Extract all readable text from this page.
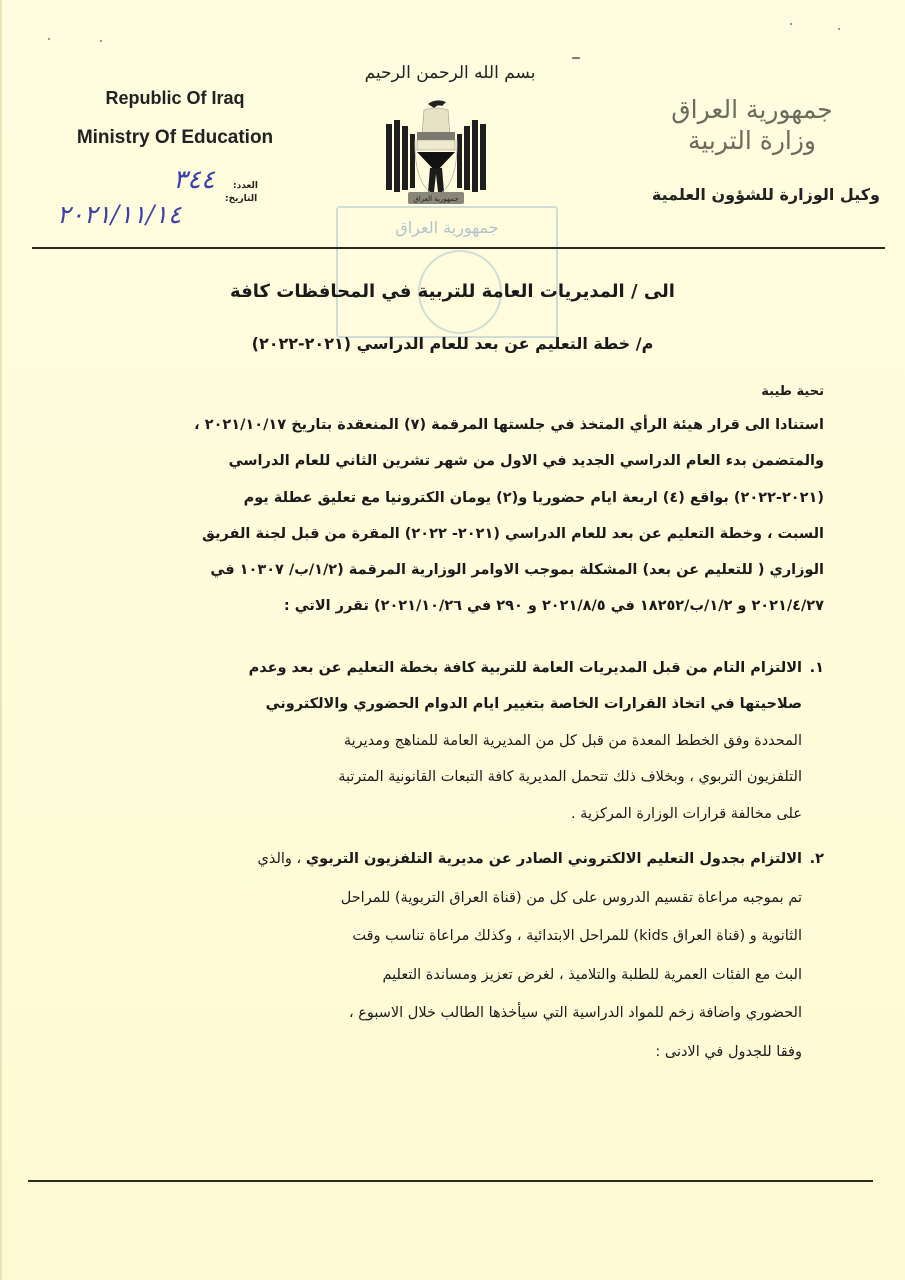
Republic Of Iraq
Ministry Of Education
٣٤٤ العدد:
التاريخ:
٢٠٢١/١١/١٤
بسم الله الرحمن الرحيم
جمهورية العراق
جمهورية العراق
جمهورية العراق
وزارة التربية
وكيل الوزارة للشؤون العلمية
الى / المديريات العامة للتربية في المحافظات كافة
م/ خطة التعليم عن بعد للعام الدراسي (٢٠٢١-٢٠٢٢)
تحية طيبة
استنادا الى قرار هيئة الرأي المتخذ في جلستها المرقمة (٧) المنعقدة بتاريخ ٢٠٢١/١٠/١٧ ،
والمتضمن بدء العام الدراسي الجديد في الاول من شهر تشرين الثاني للعام الدراسي
(٢٠٢١-٢٠٢٢) بواقع (٤) اربعة ايام حضوريا و(٢) يومان الكترونيا مع تعليق عطلة يوم
السبت ، وخطة التعليم عن بعد للعام الدراسي (٢٠٢١- ٢٠٢٢) المقرة من قبل لجنة الفريق
الوزاري ( للتعليم عن بعد) المشكلة بموجب الاوامر الوزارية المرقمة (١/٢/ب/ ١٠٣٠٧ في
٢٠٢١/٤/٢٧ و ١/٢/ب/١٨٢٥٢ في ٢٠٢١/٨/٥ و ٢٩٠ في ٢٠٢١/١٠/٢٦) تقرر الاتي :
١.
الالتزام التام من قبل المديريات العامة للتربية كافة بخطة التعليم عن بعد وعدم
صلاحيتها في اتخاذ القرارات الخاصة بتغيير ايام الدوام الحضوري والالكتروني
المحددة وفق الخطط المعدة من قبل كل من المديرية العامة للمناهج ومديرية
التلفزيون التربوي ، وبخلاف ذلك تتحمل المديرية كافة التبعات القانونية المترتبة
على مخالفة قرارات الوزارة المركزية .
٢.
الالتزام بجدول التعليم الالكتروني الصادر عن مديرية التلفزيون التربوي ، والذي
تم بموجبه مراعاة تقسيم الدروس على كل من (قناة العراق التربوية) للمراحل
الثانوية و (قناة العراق kids) للمراحل الابتدائية ، وكذلك مراعاة تناسب وقت
البث مع الفئات العمرية للطلبة والتلاميذ ، لغرض تعزيز ومساندة التعليم
الحضوري واضافة زخم للمواد الدراسية التي سيأخذها الطالب خلال الاسبوع ،
وفقا للجدول في الادنى :
